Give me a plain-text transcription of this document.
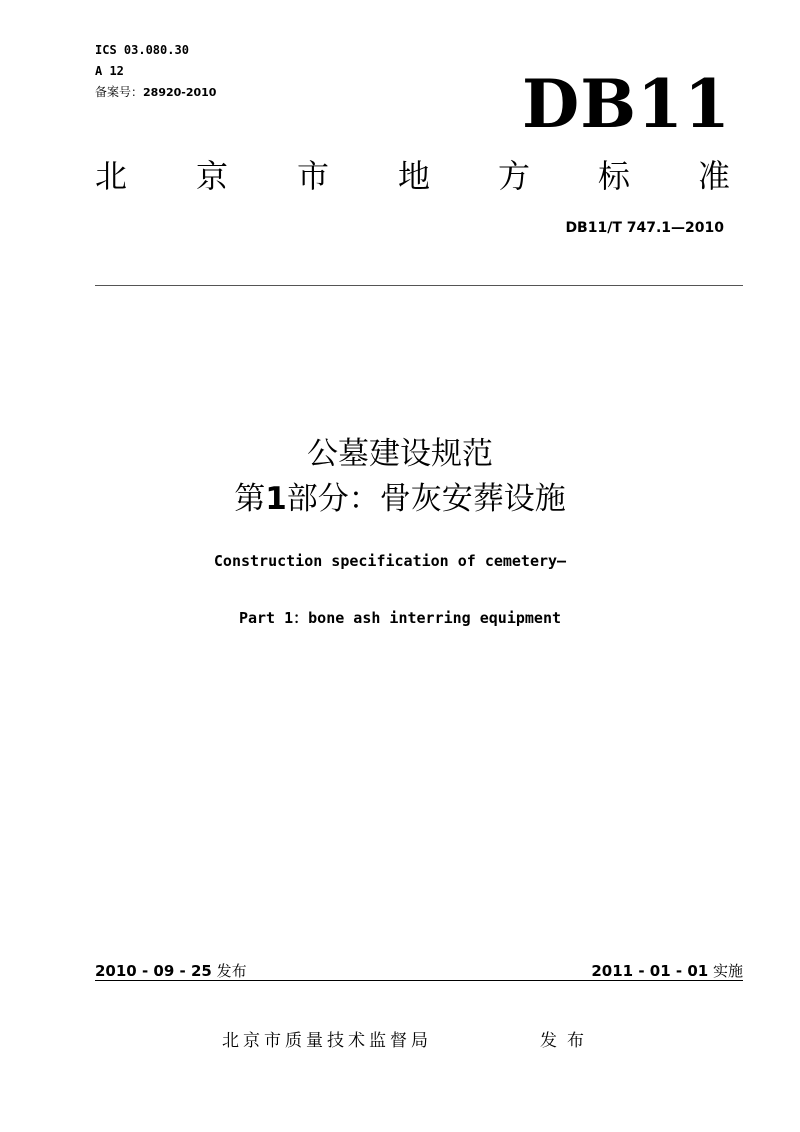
ICS 03.080.30
A 12
备案号：28920-2010	DB11
北 京 市 地 方 标 准
DB11/T 747.1—2010
公墓建设规范
第1部分：骨灰安葬设施
Construction specification of cemetery—
Part 1：bone ash interring equipment
2010 - 09 - 25 发布	2011 - 01 - 01 实施
北京市质量技术监督局	发布
